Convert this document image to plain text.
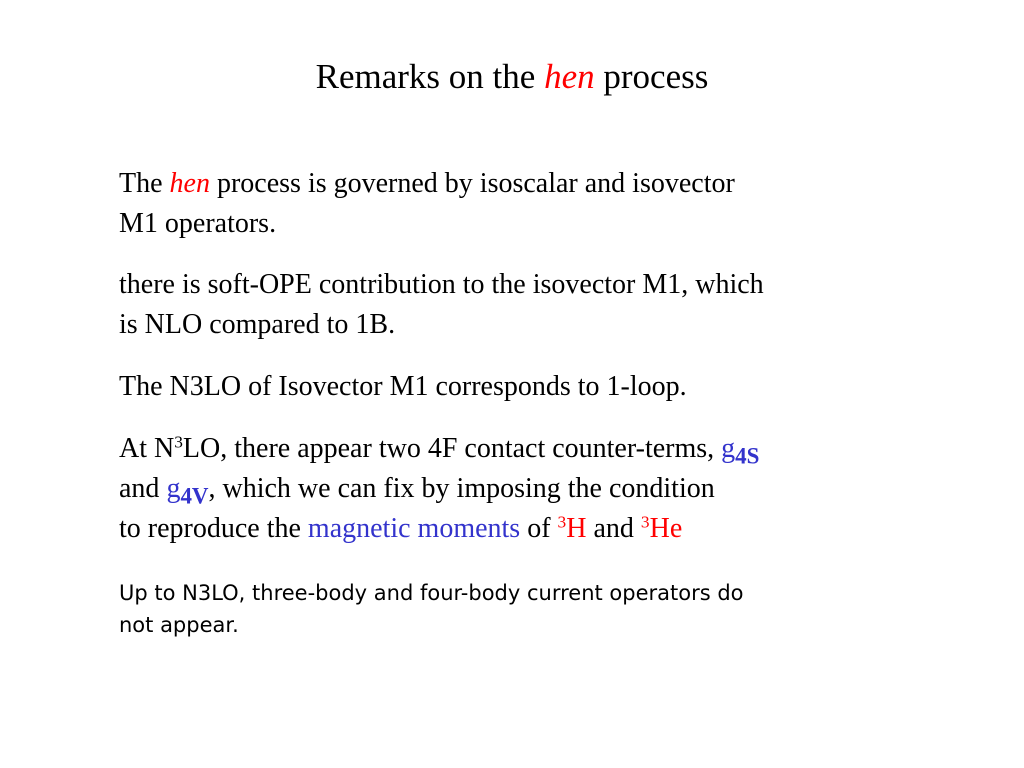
Remarks on the hen process
The hen process is governed by isoscalar and isovector
M1 operators.
there is soft-OPE contribution to the isovector M1, which
is NLO compared to 1B.
The N3LO of Isovector M1 corresponds to 1-loop.
At $N^3LO$, there appear two 4F contact counter-terms, $g_{4S}$
and $g_{4V}$, which we can fix by imposing the condition
to reproduce the magnetic moments of $^3$H and $^3$He
Up to N3LO, three-body and four-body current operators do
not appear.
